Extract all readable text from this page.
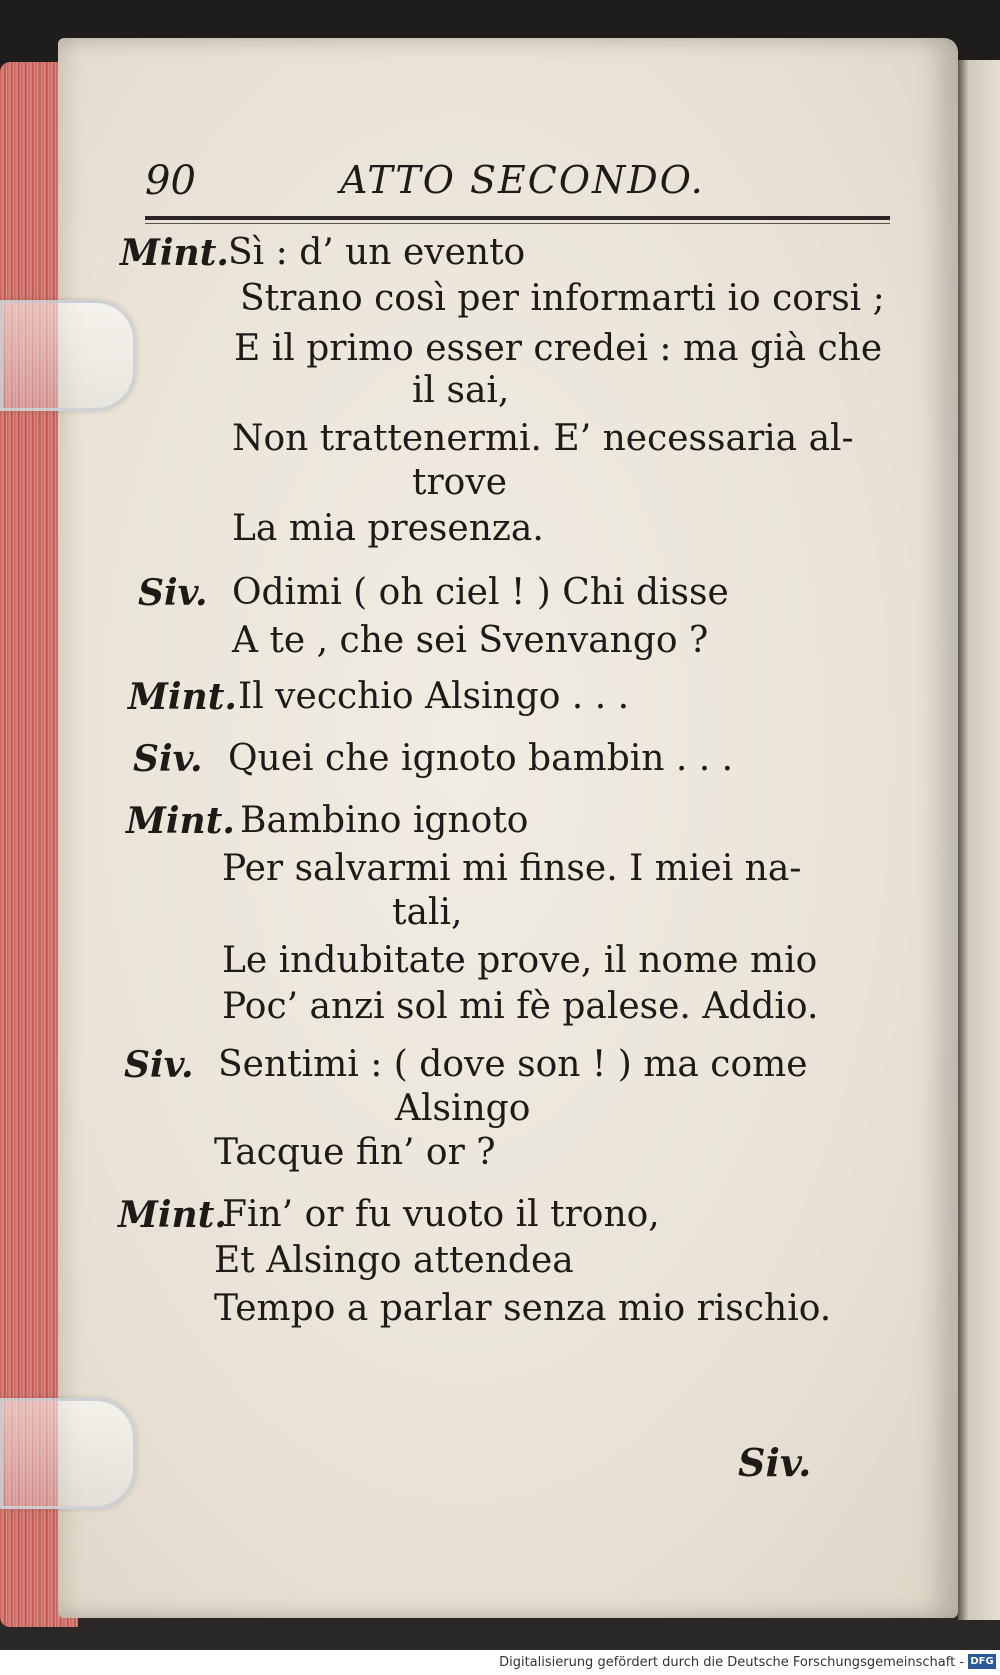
90	ATTO SECONDO.
Mint. Sì : d’ un evento
Strano così per informarti io corsi ;
E il primo esser credei : ma già che
il sai,
Non trattenermi. E’ necessaria al-
trove
La mia presenza.
Siv. Odimi ( oh ciel ! ) Chi disse
A te , che sei Svenvango ?
Mint. Il vecchio Alsingo . . .
Siv. Quei che ignoto bambin . . .
Mint. Bambino ignoto
Per salvarmi mi finse. I miei na-
tali,
Le indubitate prove, il nome mio
Poc’ anzi sol mi fè palese. Addio.
Siv. Sentimi : ( dove son ! ) ma come
Alsingo
Tacque fin’ or ?
Mint.
Fin’ or fu vuoto il trono,
Et Alsingo attendea
Tempo a parlar senza mio rischio.
Siv.
Digitalisierung gefördert durch die Deutsche Forschungsgemeinschaft - DFG
